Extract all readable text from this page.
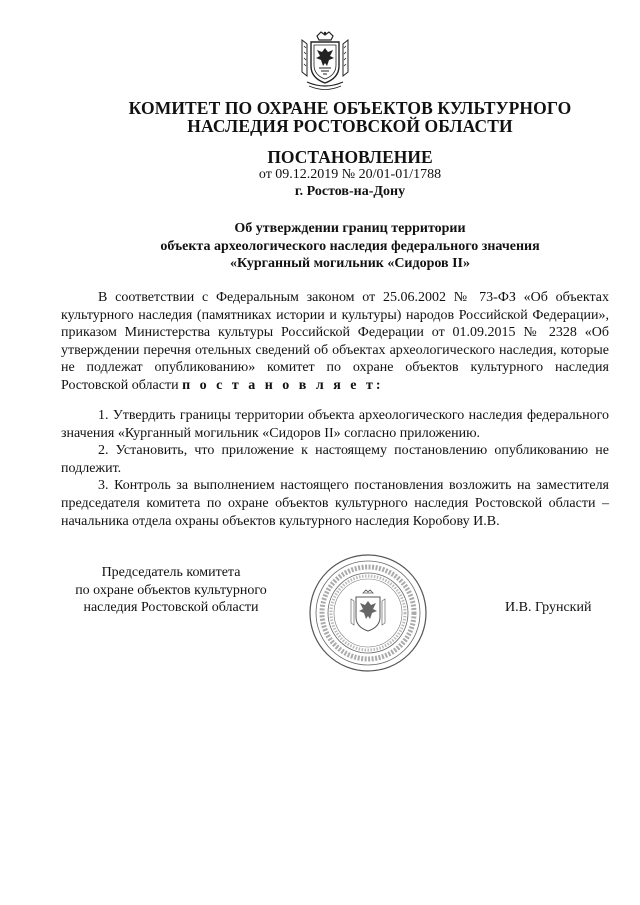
КОМИТЕТ ПО ОХРАНЕ ОБЪЕКТОВ КУЛЬТУРНОГО
НАСЛЕДИЯ РОСТОВСКОЙ ОБЛАСТИ
ПОСТАНОВЛЕНИЕ
от 09.12.2019 № 20/01-01/1788
г. Ростов-на-Дону
Об утверждении границ территории
объекта археологического наследия федерального значения
«Курганный могильник «Сидоров II»

В соответствии с Федеральным законом от 25.06.2002 № 73-ФЗ «Об объектах культурного наследия (памятниках истории и культуры) народов Российской Федерации», приказом Министерства культуры Российской Федерации от 01.09.2015 № 2328 «Об утверждении перечня отельных сведений об объектах археологического наследия, которые не подлежат опубликованию» комитет по охране объектов культурного наследия Ростовской области п о с т а н о в л я е т:

1. Утвердить границы территории объекта археологического наследия федерального значения «Курганный могильник «Сидоров II» согласно приложению.

2. Установить, что приложение к настоящему постановлению опубликованию не подлежит.

3. Контроль за выполнением настоящего постановления возложить на заместителя председателя комитета по охране объектов культурного наследия Ростовской области – начальника отдела охраны объектов культурного наследия Коробову И.В.

Председатель комитета
по охране объектов культурного
наследия Ростовской области	И.В. Грунский
